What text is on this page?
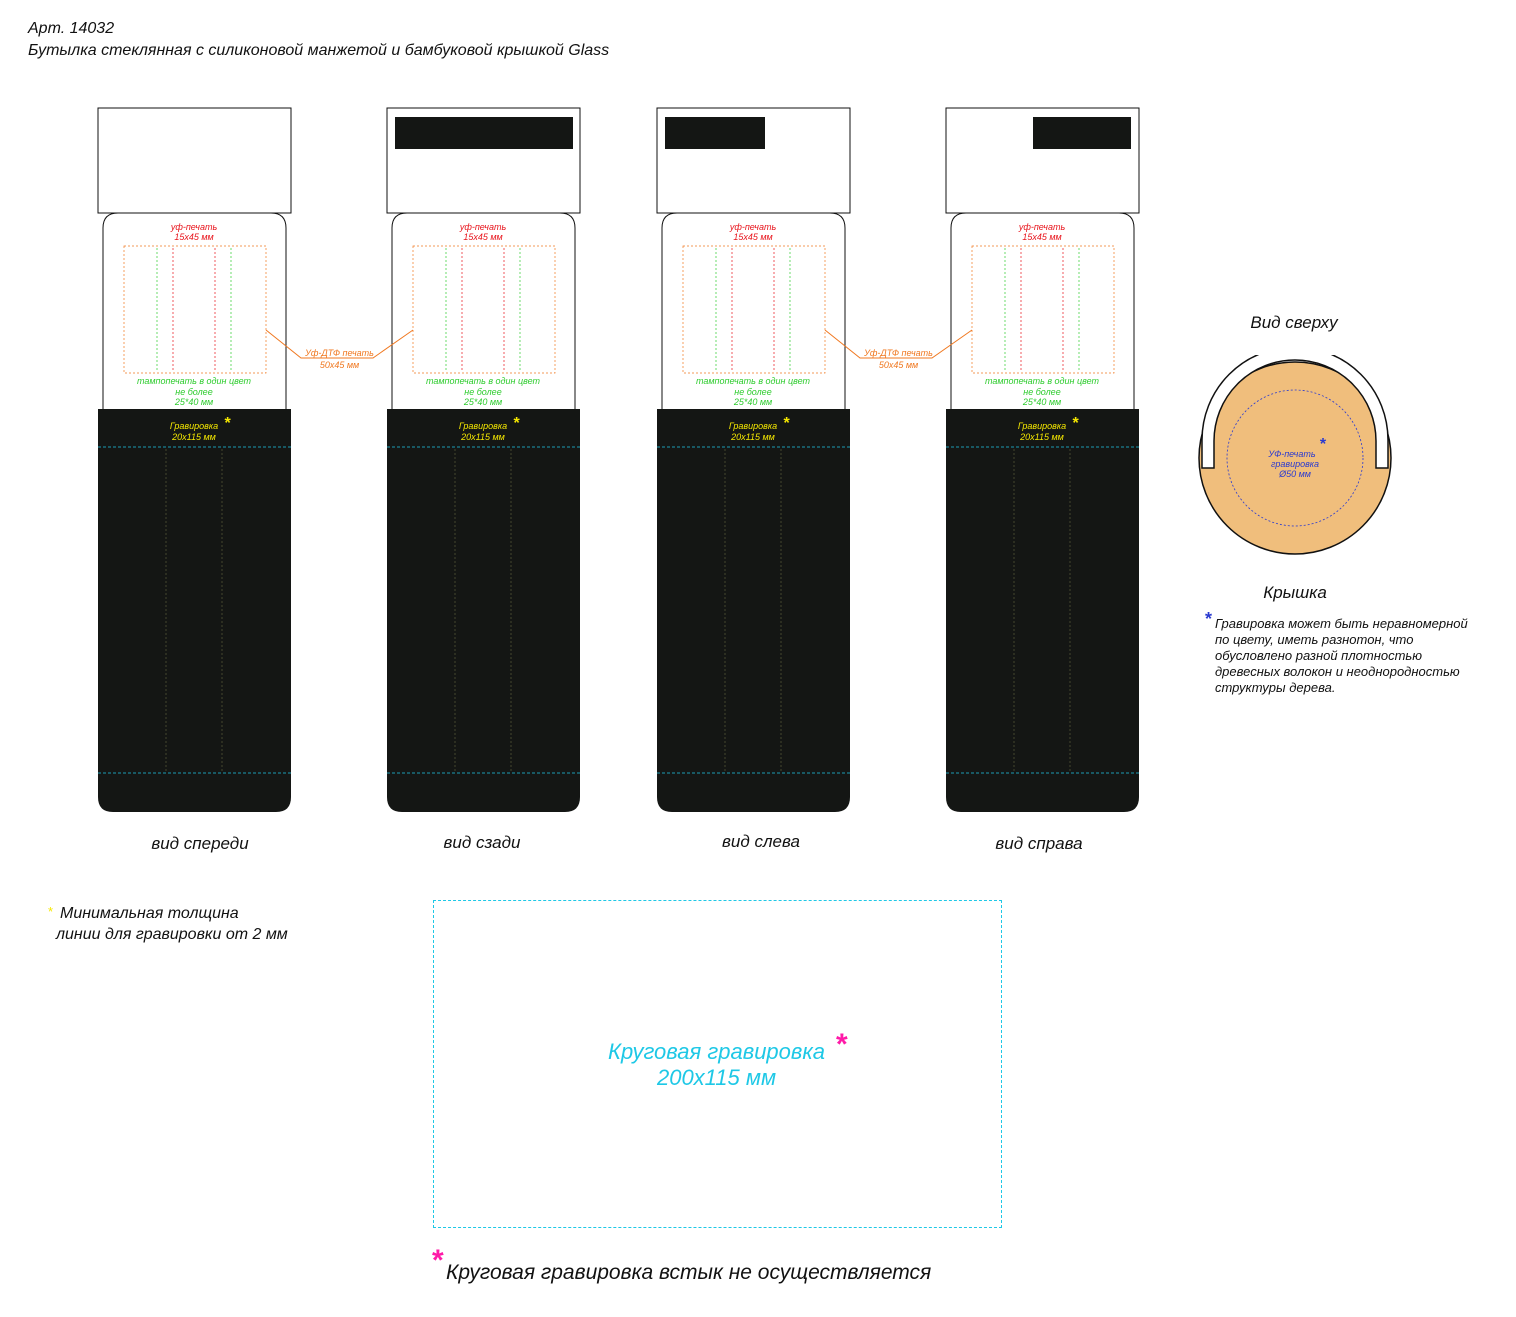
Арт. 14032
Бутылка стеклянная с силиконовой манжетой и бамбуковой крышкой Glass
уф-печать
15х45 мм
тампопечать в один цвет
не более
25*40 мм
Гравировка *
20х115 мм
уф-печать
15х45 мм
тампопечать в один цвет
не более
25*40 мм
Гравировка *
20х115 мм
уф-печать
15х45 мм
тампопечать в один цвет
не более
25*40 мм
Гравировка *
20х115 мм
уф-печать
15х45 мм
тампопечать в один цвет
не более
25*40 мм
Гравировка *
20х115 мм
Уф-ДТФ печать
50х45 мм
Уф-ДТФ печать
50х45 мм
вид спереди	вид сзади	вид слева	вид справа
Вид сверху
УФ-печать
*
гравировка
Ø50 мм
Крышка
* Гравировка может быть неравномерной по цвету, иметь разнотон, что обусловлено разной плотностью древесных волокон и неоднородностью структуры дерева.
* Минимальная толщина
линии для гравировки от 2 мм
Круговая гравировка *
200х115 мм
* Круговая гравировка встык не осуществляется
